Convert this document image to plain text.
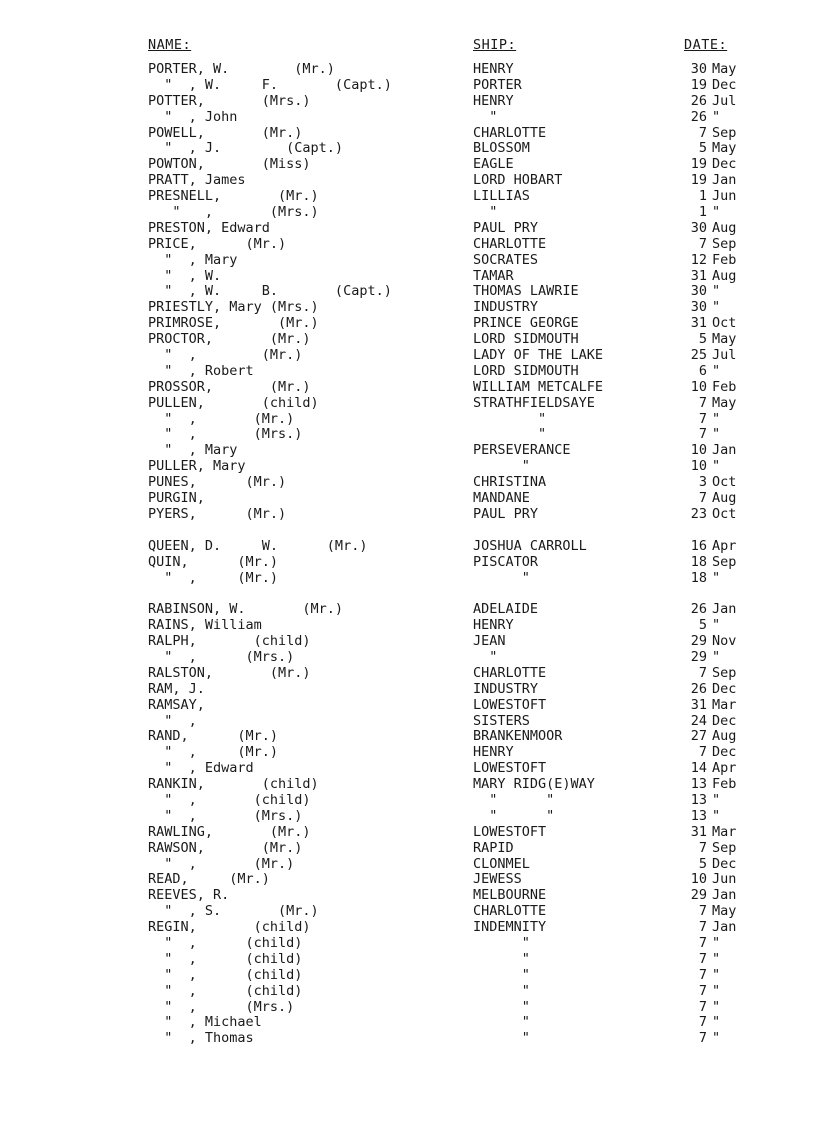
NAME:	SHIP:	DATE:
PORTER, W.        (Mr.)	HENRY	30 May
"  , W.     F.       (Capt.)	PORTER	19 Dec
POTTER,       (Mrs.)	HENRY	26 Jul
"  , John	"	26 "
POWELL,       (Mr.)	CHARLOTTE	7 Sep
"  , J.        (Capt.)	BLOSSOM	5 May
POWTON,       (Miss)	EAGLE	19 Dec
PRATT, James	LORD HOBART	19 Jan
PRESNELL,       (Mr.)	LILLIAS	1 Jun
"   ,       (Mrs.)	"	1 "
PRESTON, Edward	PAUL PRY	30 Aug
PRICE,      (Mr.)	CHARLOTTE	7 Sep
"  , Mary	SOCRATES	12 Feb
"  , W.	TAMAR	31 Aug
"  , W.     B.       (Capt.)	THOMAS LAWRIE	30 "
PRIESTLY, Mary (Mrs.)	INDUSTRY	30 "
PRIMROSE,       (Mr.)	PRINCE GEORGE	31 Oct
PROCTOR,       (Mr.)	LORD SIDMOUTH	5 May
"  ,        (Mr.)	LADY OF THE LAKE	25 Jul
"  , Robert	LORD SIDMOUTH	6 "
PROSSOR,       (Mr.)	WILLIAM METCALFE	10 Feb
PULLEN,       (child)	STRATHFIELDSAYE	7 May
"  ,       (Mr.)	"	7 "
"  ,       (Mrs.)	"	7 "
"  , Mary	PERSEVERANCE	10 Jan
PULLER, Mary	"	10 "
PUNES,      (Mr.)	CHRISTINA	3 Oct
PURGIN,	MANDANE	7 Aug
PYERS,      (Mr.)	PAUL PRY	23 Oct
QUEEN, D.     W.      (Mr.)	JOSHUA CARROLL	16 Apr
QUIN,      (Mr.)	PISCATOR	18 Sep
"  ,     (Mr.)	"	18 "
RABINSON, W.       (Mr.)	ADELAIDE	26 Jan
RAINS, William	HENRY	5 "
RALPH,       (child)	JEAN	29 Nov
"  ,      (Mrs.)	"	29 "
RALSTON,       (Mr.)	CHARLOTTE	7 Sep
RAM, J.	INDUSTRY	26 Dec
RAMSAY,	LOWESTOFT	31 Mar
"  ,	SISTERS	24 Dec
RAND,      (Mr.)	BRANKENMOOR	27 Aug
"  ,     (Mr.)	HENRY	7 Dec
"  , Edward	LOWESTOFT	14 Apr
RANKIN,       (child)	MARY RIDG(E)WAY	13 Feb
"  ,       (child)	"      "	13 "
"  ,       (Mrs.)	"      "	13 "
RAWLING,       (Mr.)	LOWESTOFT	31 Mar
RAWSON,       (Mr.)	RAPID	7 Sep
"  ,       (Mr.)	CLONMEL	5 Dec
READ,     (Mr.)	JEWESS	10 Jun
REEVES, R.	MELBOURNE	29 Jan
"  , S.       (Mr.)	CHARLOTTE	7 May
REGIN,       (child)	INDEMNITY	7 Jan
"  ,      (child)	"	7 "
"  ,      (child)	"	7 "
"  ,      (child)	"	7 "
"  ,      (child)	"	7 "
"  ,      (Mrs.)	"	7 "
"  , Michael	"	7 "
"  , Thomas	"	7 "
